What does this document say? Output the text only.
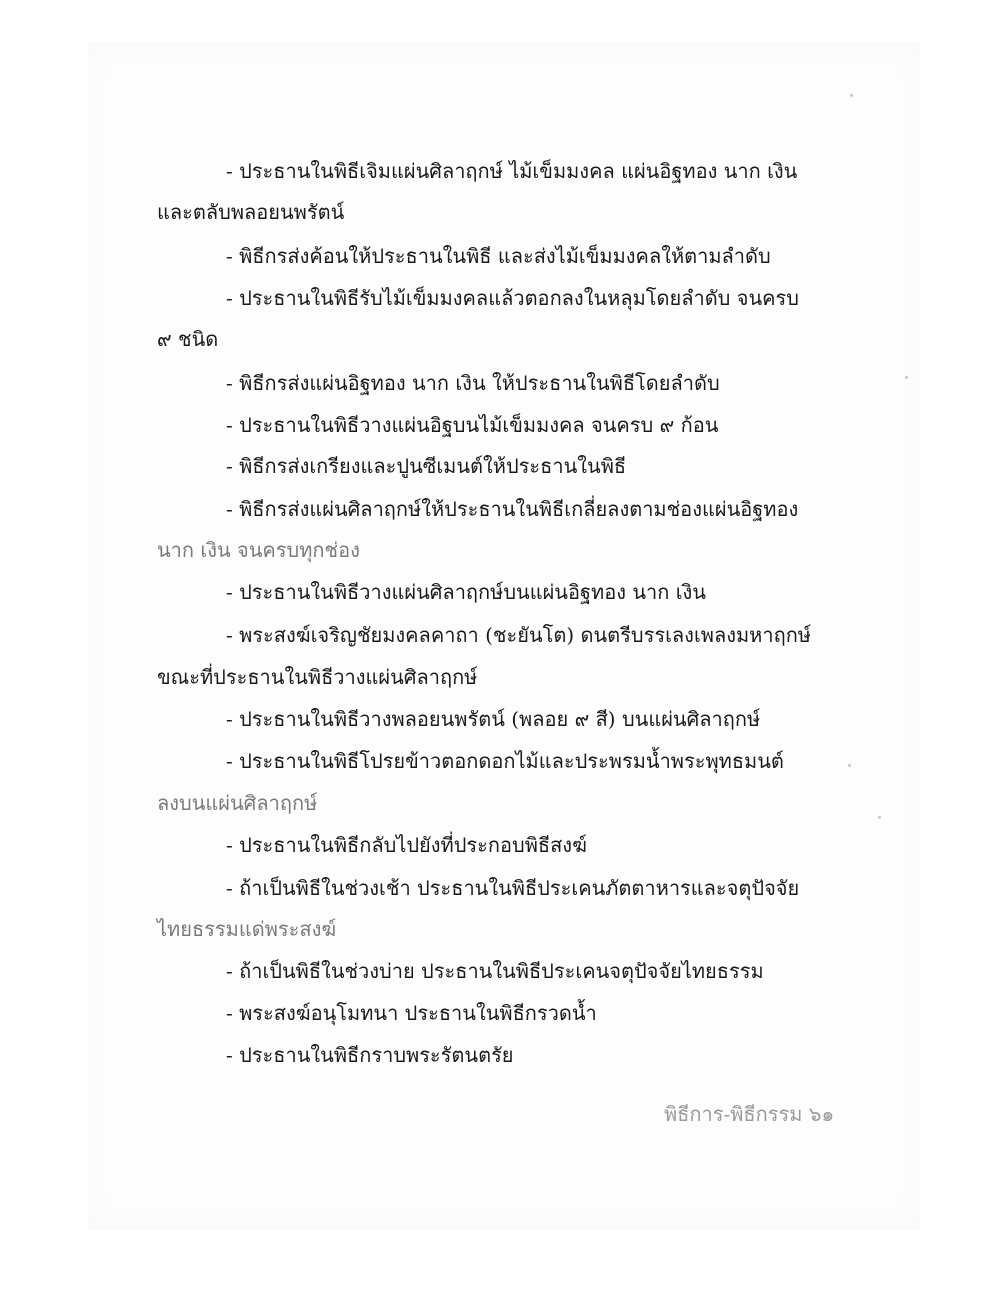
- ประธานในพิธีเจิมแผ่นศิลาฤกษ์ ไม้เข็มมงคล แผ่นอิฐทอง นาก เงิน
และตลับพลอยนพรัตน์
- พิธีกรส่งค้อนให้ประธานในพิธี และส่งไม้เข็มมงคลให้ตามลำดับ
- ประธานในพิธีรับไม้เข็มมงคลแล้วตอกลงในหลุมโดยลำดับ จนครบ
๙ ชนิด
- พิธีกรส่งแผ่นอิฐทอง นาก เงิน ให้ประธานในพิธีโดยลำดับ
- ประธานในพิธีวางแผ่นอิฐบนไม้เข็มมงคล จนครบ ๙ ก้อน
- พิธีกรส่งเกรียงและปูนซีเมนต์ให้ประธานในพิธี
- พิธีกรส่งแผ่นศิลาฤกษ์ให้ประธานในพิธีเกลี่ยลงตามช่องแผ่นอิฐทอง
นาก เงิน จนครบทุกช่อง
- ประธานในพิธีวางแผ่นศิลาฤกษ์บนแผ่นอิฐทอง นาก เงิน
- พระสงฆ์เจริญชัยมงคลคาถา (ชะยันโต) ดนตรีบรรเลงเพลงมหาฤกษ์
ขณะที่ประธานในพิธีวางแผ่นศิลาฤกษ์
- ประธานในพิธีวางพลอยนพรัตน์ (พลอย ๙ สี) บนแผ่นศิลาฤกษ์
- ประธานในพิธีโปรยข้าวตอกดอกไม้และประพรมน้ำพระพุทธมนต์
ลงบนแผ่นศิลาฤกษ์
- ประธานในพิธีกลับไปยังที่ประกอบพิธีสงฆ์
- ถ้าเป็นพิธีในช่วงเช้า ประธานในพิธีประเคนภัตตาหารและจตุปัจจัย
ไทยธรรมแด่พระสงฆ์
- ถ้าเป็นพิธีในช่วงบ่าย ประธานในพิธีประเคนจตุปัจจัยไทยธรรม
- พระสงฆ์อนุโมทนา ประธานในพิธีกรวดน้ำ
- ประธานในพิธีกราบพระรัตนตรัย
พิธีการ-พิธีกรรม ๖๑
